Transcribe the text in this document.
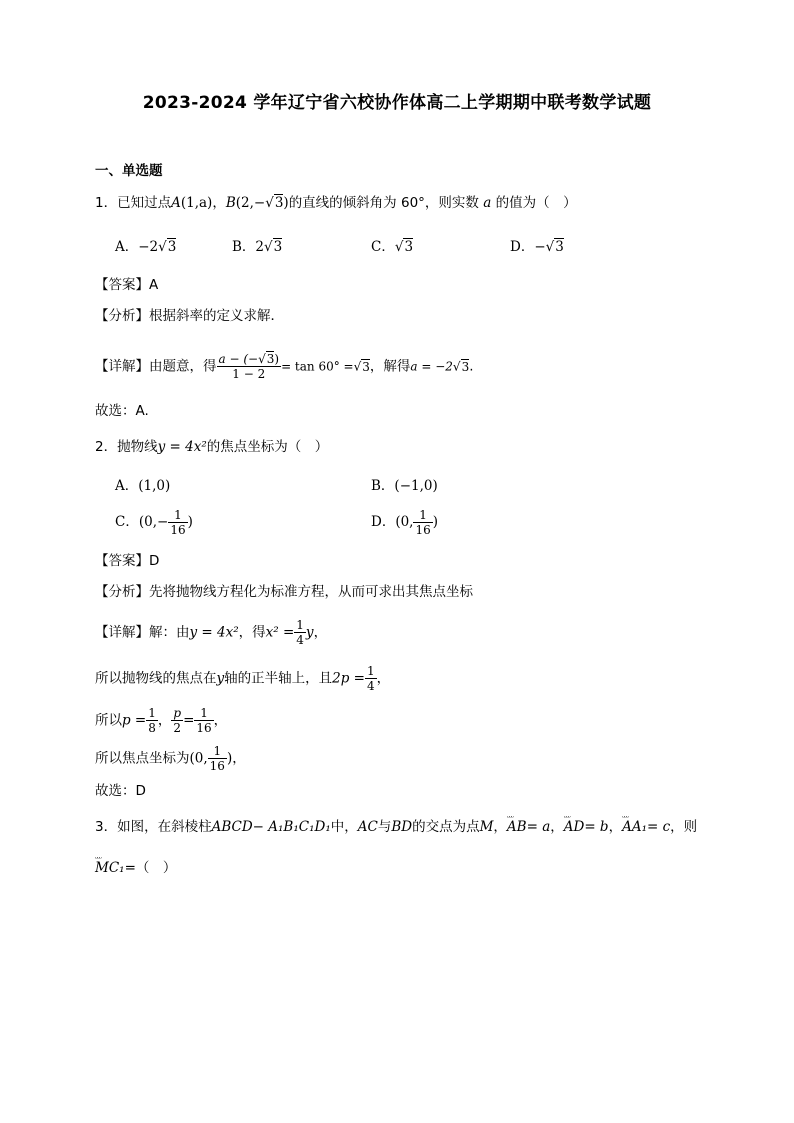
2023-2024 学年辽宁省六校协作体高二上学期期中联考数学试题
一、单选题
1．已知过点A(1,a)，B(2,−√3)的直线的倾斜角为 60°，则实数 a 的值为（　）
A．−2√3	B．2√3	C．√3	D．−√3
【答案】A
【分析】根据斜率的定义求解．
【详解】由题意，得 $\frac{a - (-√3)}{1 - 2} = \tan 60^\circ =√3$，解得a = −2√3.
故选：A.
2．抛物线y = 4x²的焦点坐标为（　）
A．(1,0)	B．(−1,0)
C．($0,- \frac{1}{16}$ )	D．(0, $\frac{1}{16}$ )
【答案】D
【分析】先将抛物线方程化为标准方程，从而可求出其焦点坐标
【详解】解：由y = 4x²，得$x^2 = \frac{1}{4}$ y，
所以抛物线的焦点在y轴的正半轴上，且$2p = \frac{1}{4}$ ，
所以$p = \frac{1}{8}$ ， $\frac{p}{2} = \frac{1}{16}$ ，
所以焦点坐标为(0, $\frac{1}{16}$ )，
故选：D
3．如图，在斜棱柱ABCD− A₁B₁C₁D₁中，AC与BD的交点为点M，ᵕᵕᵕ AB= a，ᵕᵕᵕ AD= b，ᵕᵕᵕ AA₁= c，则
ᵕᵕᵕ MC₁=（　）
